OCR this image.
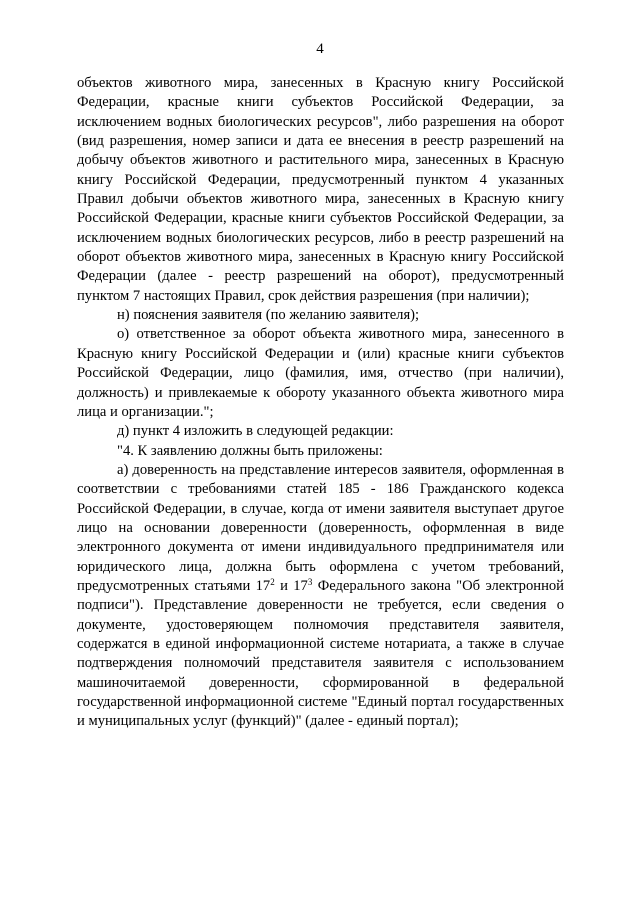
4

объектов животного мира, занесенных в Красную книгу Российской Федерации, красные книги субъектов Российской Федерации, за исключением водных биологических ресурсов", либо разрешения на оборот (вид разрешения, номер записи и дата ее внесения в реестр разрешений на добычу объектов животного и растительного мира, занесенных в Красную книгу Российской Федерации, предусмотренный пунктом 4 указанных Правил добычи объектов животного мира, занесенных в Красную книгу Российской Федерации, красные книги субъектов Российской Федерации, за исключением водных биологических ресурсов, либо в реестр разрешений на оборот объектов животного мира, занесенных в Красную книгу Российской Федерации (далее - реестр разрешений на оборот), предусмотренный пунктом 7 настоящих Правил, срок действия разрешения (при наличии);

н) пояснения заявителя (по желанию заявителя);

о) ответственное за оборот объекта животного мира, занесенного в Красную книгу Российской Федерации и (или) красные книги субъектов Российской Федерации, лицо (фамилия, имя, отчество (при наличии), должность) и привлекаемые к обороту указанного объекта животного мира лица и организации.";

д) пункт 4 изложить в следующей редакции:

"4. К заявлению должны быть приложены:

а) доверенность на представление интересов заявителя, оформленная в соответствии с требованиями статей 185 - 186 Гражданского кодекса Российской Федерации, в случае, когда от имени заявителя выступает другое лицо на основании доверенности (доверенность, оформленная в виде электронного документа от имени индивидуального предпринимателя или юридического лица, должна быть оформлена с учетом требований, предусмотренных статьями $17^2$ и $17^3$ Федерального закона "Об электронной подписи"). Представление доверенности не требуется, если сведения о документе, удостоверяющем полномочия представителя заявителя, содержатся в единой информационной системе нотариата, а также в случае подтверждения полномочий представителя заявителя с использованием машиночитаемой доверенности, сформированной в федеральной государственной информационной системе "Единый портал государственных и муниципальных услуг (функций)" (далее - единый портал);
